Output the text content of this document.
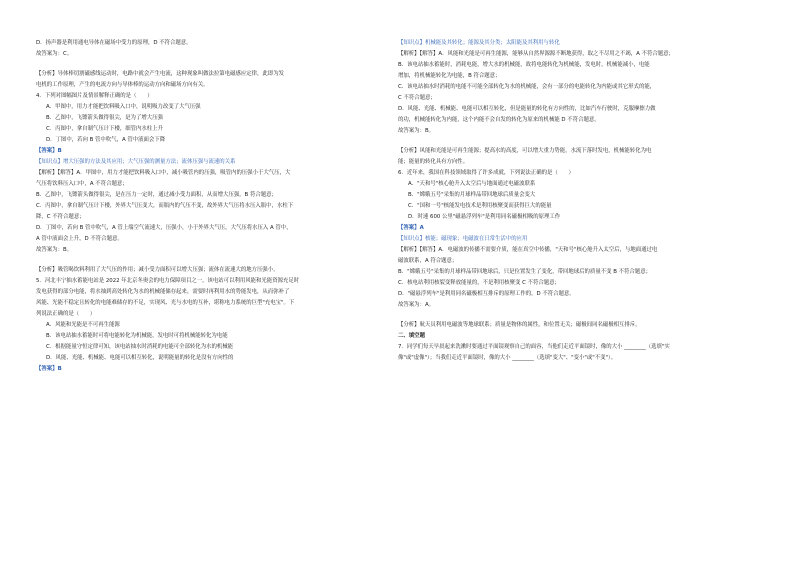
D．扬声器是利用通电导体在磁场中受力的原理，D 不符合题意。
故答案为：C。
【分析】导体棒切割磁感线运动时，电路中就会产生电流，这种现象叫做法拉第电磁感应定律，此即为发
电机的工作原理，产生的电流方向与导体棒的运动方向和磁场方向有关。
4．下列对图幅图片及情景解释正确的是（　　）
A．甲图中，用力才能把饮料吸入口中，说明吸力改变了大气压强
B．乙图中，飞镖箭头做得很尖，是为了增大压强
C．丙图中，拿自制气压计下楼，细管内水柱上升
D．丁图中，若向 B 管中吹气，A 管中液面会下降
【答案】B
【知识点】增大压强的方法及其应用；大气压强的测量方法；流体压强与流速的关系
【解析】【解答】A．甲图中，用力才能把饮料吸入口中，减小吸管内的压强，吸管内的压强小于大气压，大
气压将饮料压入口中，A 不符合题意；
B．乙图中，飞镖箭头做得很尖，是在压力一定时，通过减小受力面积，从而增大压强，B 符合题意；
C．丙图中，拿自制气压计下楼，外界大气压变大，而瓶内的气压不变，故外界大气压将水压入瓶中，水柱下
降，C 不符合题意；
D．丁图中，若向 B 管中吹气，A 管上端空气流速大，压强小，小于外界大气压，大气压将水压入 A 管中，
A 管中液面会上升，D 不符合题意。
故答案为：B。
【分析】吸管喝饮料利用了大气压的作用；减小受力面积可以增大压强；流体在流速大的地方压强小。
5．河北丰宁抽水蓄能电站是 2022 年北京冬奥会的电力保障项目之一，该电站可以利用风能和光能资源充足时
发电获得的部分电能，将水抽到高处转化为水的机械能储存起来，需要时再利用水的势能发电，从而弥补了
风能、光能不稳定且转化的电能难储存的不足，实现风、光与水电的互补，堪称电力系统的巨型"充电宝"。下
列说法正确的是（　　）
A．风能和光能是不可再生能源
B．该电站抽水蓄能时可将电能转化为机械能，发电时可将机械能转化为电能
C．根据能量守恒定律可知，该电站抽水时消耗的电能可全部转化为水的机械能
D．风能、光能、机械能、电能可以相互转化，说明能量的转化是没有方向性的
【答案】B
【知识点】机械能及其转化；能源及其分类；太阳能及其利用与转化
【解析】【解答】A．风能和光能是可再生能源，能够从自然界源源不断地获得，取之不尽用之不竭，A 不符合题意；
B．该电站抽水蓄能时，消耗电能，增大水的机械能，故将电能转化为机械能，发电时，机械能减小，电能
增加，将机械能转化为电能，B 符合题意；
C．该电站抽水时消耗的电能不可能全部转化为水的机械能，会有一部分的电能转化为内能或其它形式的能，
C 不符合题意；
D．风能、光能、机械能、电能可以相互转化，但是能量的转化有方向性的，比如汽车行驶时，克服摩擦力做
的功，机械能转化为内能，这个内能不会自发的转化为原来的机械能 D 不符合题意。
故答案为：B。
【分析】风能和光能是可再生能源；提高水的高度，可以增大重力势能，水流下落时发电，机械能转化为电
能；能量的转化具有方向性。
6．近年来，我国在科技领域取得了许多成就，下列说法正确的是（　　）
A．"天和号"核心舱升入太空后与地面通过电磁波联系
B．"嫦娥五号"采集的月球样品带回地球后质量会变大
C．"国和一号"核能发电技术是利用核聚变而获得巨大的能量
D．时速 600 公里"磁悬浮列车"是利用同名磁极相吸的原理工作
【答案】A
【知识点】核能；磁现象；电磁波在日常生活中的应用
【解析】【解答】A．电磁波的传播不需要介质，能在真空中传播，"天和号"核心舱升入太空后，与地面通过电
磁波联系，A 符合题意；
B．"嫦娥五号"采集的月球样品带回地球后，只是位置发生了变化，带回地球后的质量不变 B 不符合题意；
C．核电站利用核裂变释放能量的，不是利用核聚变 C 不符合题意；
D．"磁悬浮列车"是利用同名磁极相互排斥的原理工作的，D 不符合题意。
故答案为：A。
【分析】航天员利用电磁波等地球联系；质量是物体的属性，和位置无关；磁极间同名磁极相互排斥。
二、填空题
7．同学们每天早晨起来洗漱时要通过平面镜观察自己的面容，当他们走近平面镜时，像的大小 ________（选填"实
像"或"虚像"）；当我们走近平面镜时，像的大小 ________（选填"变大"、"变小"或"不变"）。
